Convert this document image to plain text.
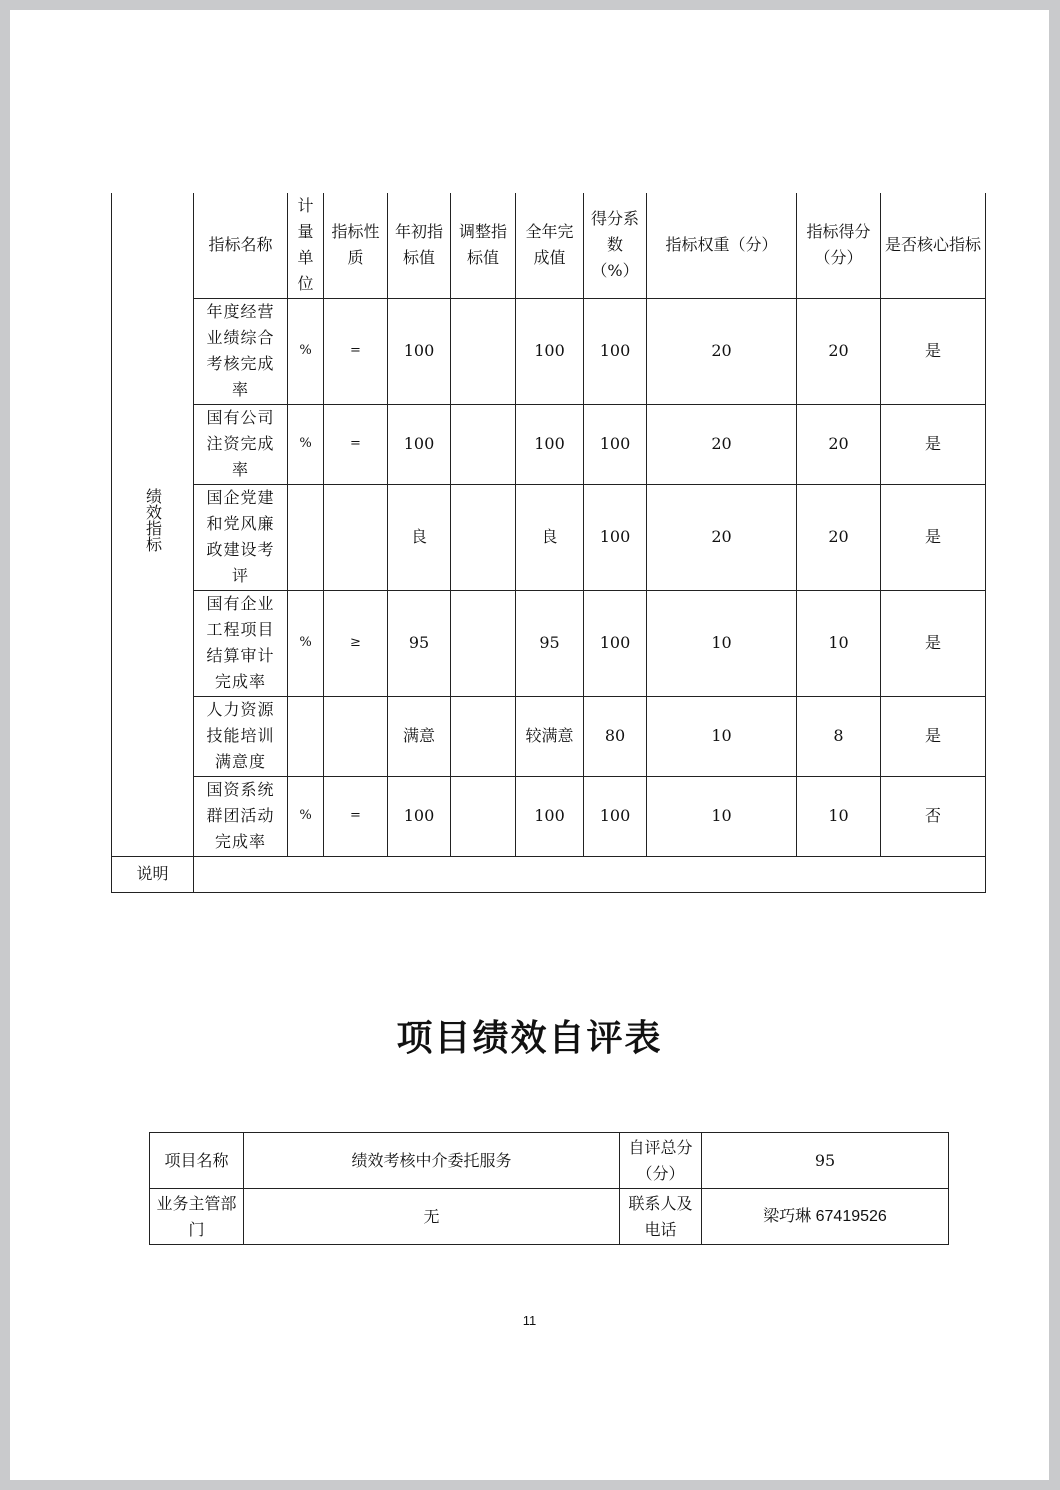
绩效指标	指标名称	计量单位	指标性质	年初指标值	调整指标值	全年完成值	得分系数（%）	指标权重（分）	指标得分（分）	是否核心指标
	年度经营业绩综合考核完成率	%	=	100		100	100	20	20	是
	国有公司注资完成率	%	=	100		100	100	20	20	是
	国企党建和党风廉政建设考评			良		良	100	20	20	是
	国有企业工程项目结算审计完成率	%	≥	95		95	100	10	10	是
	人力资源技能培训满意度			满意		较满意	80	10	8	是
	国资系统群团活动完成率	%	=	100		100	100	10	10	否
说明										
项目绩效自评表
项目名称	绩效考核中介委托服务	自评总分（分）	95
业务主管部门	无	联系人及电话	梁巧琳 67419526
11
